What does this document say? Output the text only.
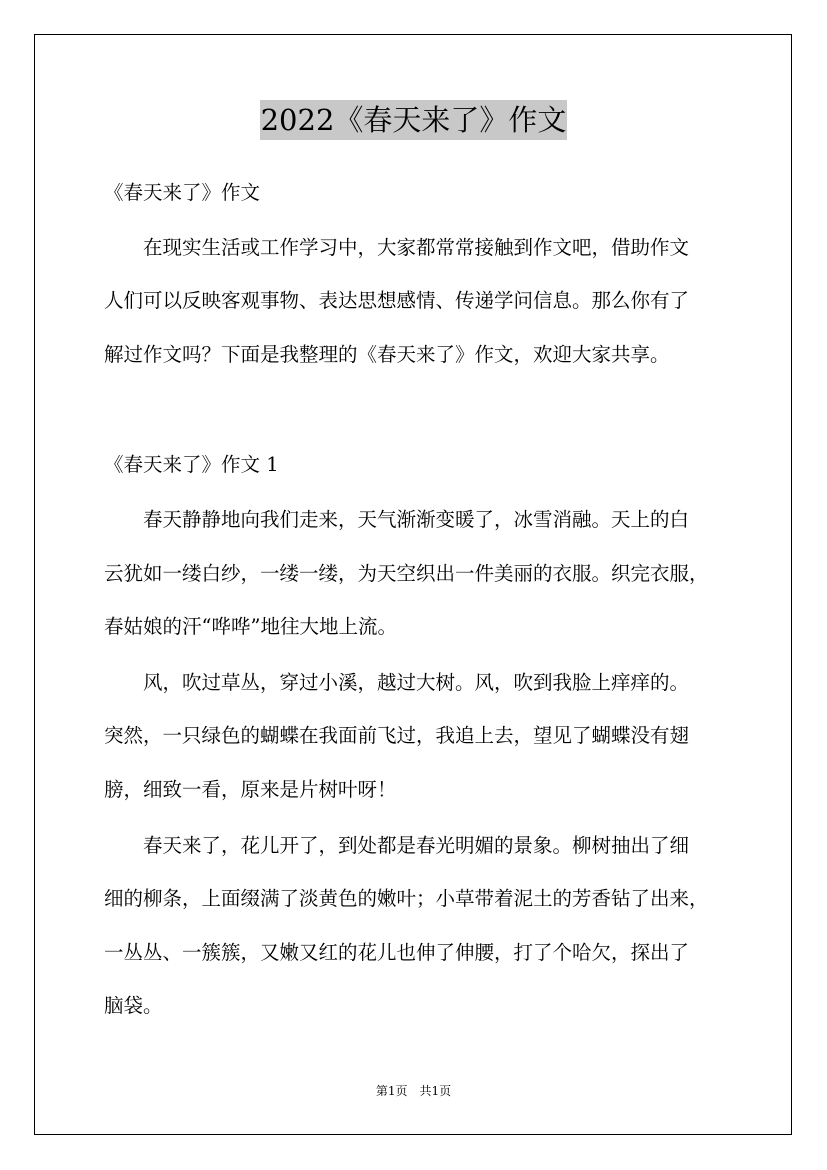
2022《春天来了》作文
《春天来了》作文
　　在现实生活或工作学习中，大家都常常接触到作文吧，借助作文
人们可以反映客观事物、表达思想感情、传递学问信息。那么你有了
解过作文吗？下面是我整理的《春天来了》作文，欢迎大家共享。
《春天来了》作文 1
　　春天静静地向我们走来，天气渐渐变暖了，冰雪消融。天上的白
云犹如一缕白纱，一缕一缕，为天空织出一件美丽的衣服。织完衣服，
春姑娘的汗“哗哗”地往大地上流。
　　风，吹过草丛，穿过小溪，越过大树。风，吹到我脸上痒痒的。
突然，一只绿色的蝴蝶在我面前飞过，我追上去，望见了蝴蝶没有翅
膀，细致一看，原来是片树叶呀！
　　春天来了，花儿开了，到处都是春光明媚的景象。柳树抽出了细
细的柳条，上面缀满了淡黄色的嫩叶；小草带着泥土的芳香钻了出来，
一丛丛、一簇簇，又嫩又红的花儿也伸了伸腰，打了个哈欠，探出了
脑袋。
第1页　共1页
